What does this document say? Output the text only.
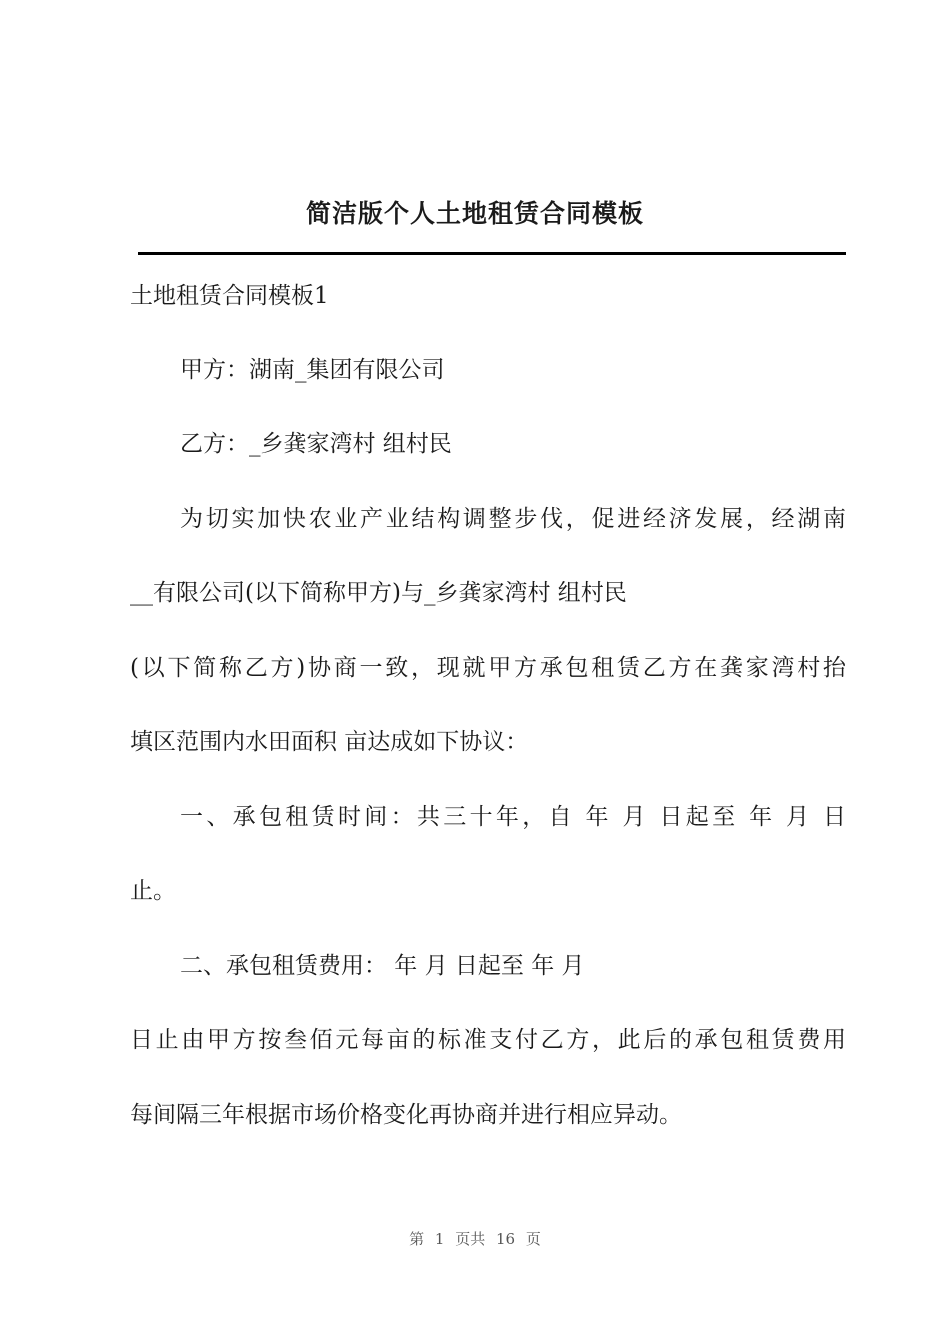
简洁版个人土地租赁合同模板
土地租赁合同模板1
甲方：湖南_集团有限公司
乙方：_乡龚家湾村 组村民
为切实加快农业产业结构调整步伐，促进经济发展，经湖南
__有限公司(以下简称甲方)与_乡龚家湾村 组村民
(以下简称乙方)协商一致，现就甲方承包租赁乙方在龚家湾村抬
填区范围内水田面积 亩达成如下协议：
一、承包租赁时间：共三十年，自 年 月 日起至 年 月 日
止。
二、承包租赁费用： 年 月 日起至 年 月
日止由甲方按叁佰元每亩的标准支付乙方，此后的承包租赁费用
每间隔三年根据市场价格变化再协商并进行相应异动。
第 1 页共 16 页
